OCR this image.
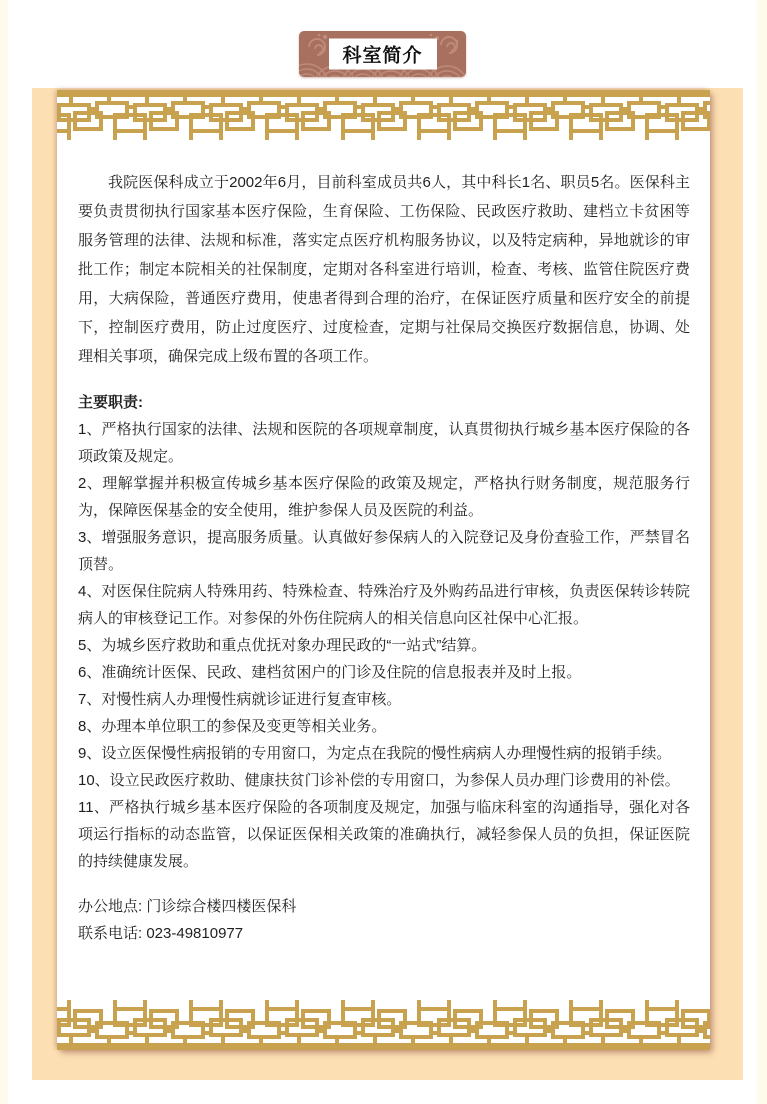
科室简介

我院医保科成立于2002年6月，目前科室成员共6人，其中科长1名、职员5名。医保科主要负责贯彻执行国家基本医疗保险，生育保险、工伤保险、民政医疗救助、建档立卡贫困等服务管理的法律、法规和标准，落实定点医疗机构服务协议，以及特定病种，异地就诊的审批工作；制定本院相关的社保制度，定期对各科室进行培训，检查、考核、监管住院医疗费用，大病保险，普通医疗费用，使患者得到合理的治疗，在保证医疗质量和医疗安全的前提下，控制医疗费用，防止过度医疗、过度检查，定期与社保局交换医疗数据信息，协调、处理相关事项，确保完成上级布置的各项工作。

主要职责:

1、严格执行国家的法律、法规和医院的各项规章制度，认真贯彻执行城乡基本医疗保险的各项政策及规定。

2、理解掌握并积极宣传城乡基本医疗保险的政策及规定，严格执行财务制度，规范服务行为，保障医保基金的安全使用，维护参保人员及医院的利益。

3、增强服务意识，提高服务质量。认真做好参保病人的入院登记及身份查验工作，严禁冒名顶替。

4、对医保住院病人特殊用药、特殊检查、特殊治疗及外购药品进行审核，负责医保转诊转院病人的审核登记工作。对参保的外伤住院病人的相关信息向区社保中心汇报。

5、为城乡医疗救助和重点优抚对象办理民政的“一站式”结算。

6、准确统计医保、民政、建档贫困户的门诊及住院的信息报表并及时上报。

7、对慢性病人办理慢性病就诊证进行复查审核。

8、办理本单位职工的参保及变更等相关业务。

9、设立医保慢性病报销的专用窗口，为定点在我院的慢性病病人办理慢性病的报销手续。

10、设立民政医疗救助、健康扶贫门诊补偿的专用窗口，为参保人员办理门诊费用的补偿。

11、严格执行城乡基本医疗保险的各项制度及规定，加强与临床科室的沟通指导，强化对各项运行指标的动态监管，以保证医保相关政策的准确执行，减轻参保人员的负担，保证医院的持续健康发展。

办公地点: 门诊综合楼四楼医保科

联系电话: 023-49810977
